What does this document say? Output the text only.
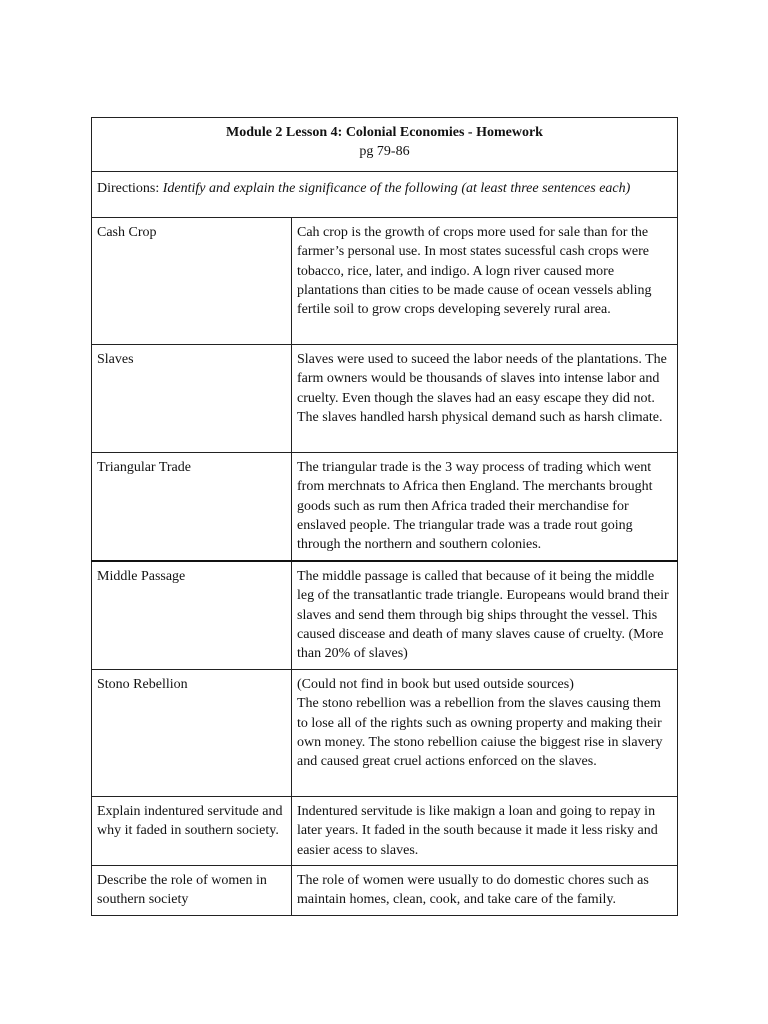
Module 2 Lesson 4: Colonial Economies - Homework
pg 79-86	

Directions: Identify and explain the significance of the following (at least three sentences each)	
Cash Crop	Cah crop is the growth of crops more used for sale than for the farmer’s personal use. In most states sucessful cash crops were tobacco, rice, later, and indigo. A logn river caused more plantations than cities to be made cause of ocean vessels abling fertile soil to grow crops developing severely rural area.
Slaves	Slaves were used to suceed the labor needs of the plantations. The farm owners would be thousands of slaves into intense labor and cruelty. Even though the slaves had an easy escape they did not. The slaves handled harsh physical demand such as harsh climate.
Triangular Trade	The triangular trade is the 3 way process of trading which went from merchnats to Africa then England. The merchants brought goods such as rum then Africa traded their merchandise for enslaved people. The triangular trade was a trade rout going through the northern and southern colonies.
Middle Passage	The middle passage is called that because of it being the middle leg of the transatlantic trade triangle. Europeans would brand their slaves and send them through big ships throught the vessel. This caused discease and death of many slaves cause of cruelty. (More than 20% of slaves)
Stono Rebellion	(Could not find in book but used outside sources)
The stono rebellion was a rebellion from the slaves causing them to lose all of the rights such as owning property and making their own money. The stono rebellion caiuse the biggest rise in slavery and caused great cruel actions enforced on the slaves.

Explain indentured servitude and why it faded in southern society.	Indentured servitude is like makign a loan and going to repay in later years. It faded in the south because it made it less risky and easier acess to slaves.
Describe the role of women in southern society	The role of women were usually to do domestic chores such as maintain homes, clean, cook, and take care of the family.
